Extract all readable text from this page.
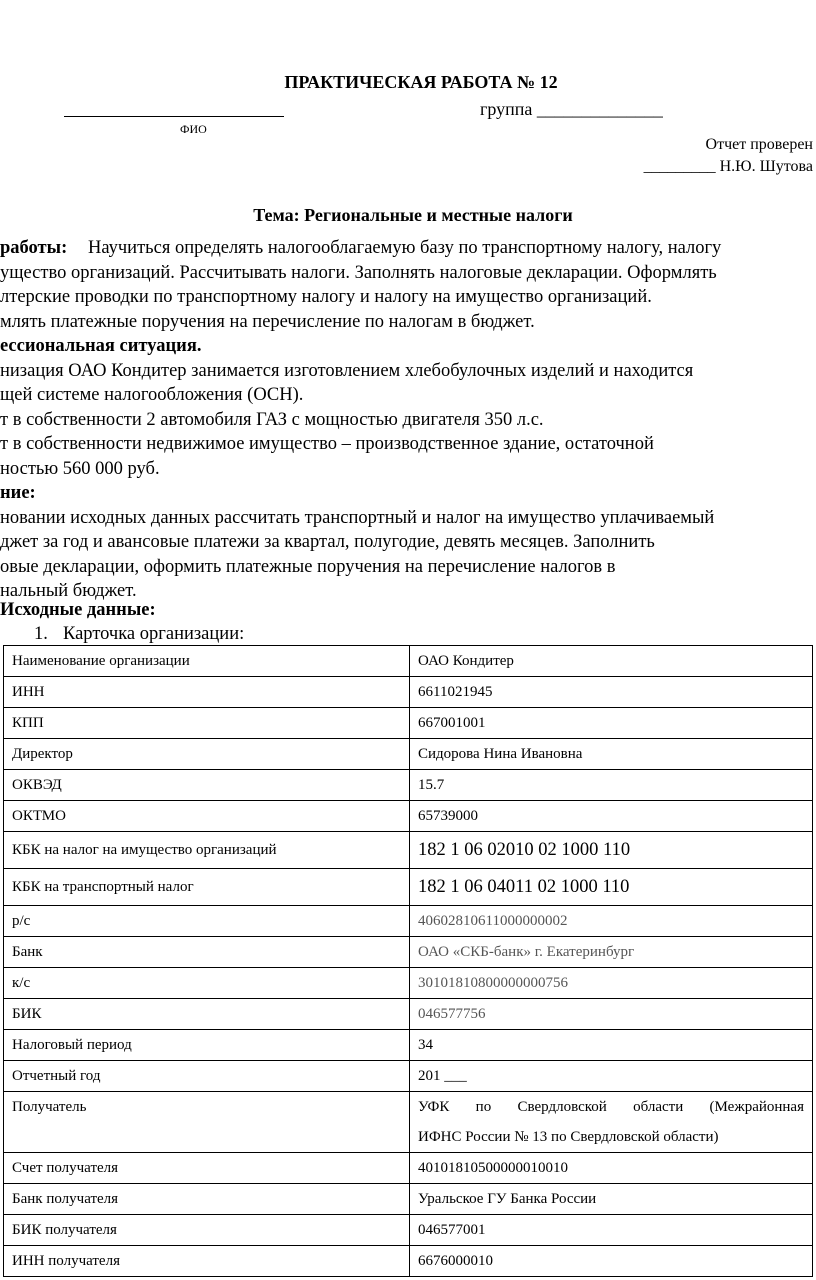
ПРАКТИЧЕСКАЯ РАБОТА № 12
ФИО
группа ______________
Отчет проверен
_________ Н.Ю. Шутова
Тема: Региональные и местные налоги
работы:
ущество организаций. Рассчитывать налоги. Заполнять налоговые декларации. Оформлять
лтерские проводки по транспортному налогу и налогу на имущество организаций.
млять платежные поручения на перечисление по налогам в бюджет.
Научиться определять налогооблагаемую базу по транспортному налогу, налогу
ессиональная ситуация.
низация ОАО Кондитер занимается изготовлением хлебобулочных изделий и находится
щей системе налогообложения (ОСН).
т в собственности 2 автомобиля ГАЗ с мощностью двигателя 350 л.с.
т в собственности недвижимое имущество – производственное здание, остаточной
ностью 560 000 руб.
ние:
новании исходных данных рассчитать транспортный и налог на имущество уплачиваемый
джет за год и авансовые платежи за квартал, полугодие, девять месяцев. Заполнить
овые декларации, оформить платежные поручения на перечисление налогов в
нальный бюджет.
Исходные данные:
1. Карточка организации:
Наименование организации	ОАО Кондитер
ИНН	6611021945
КПП	667001001
Директор	Сидорова Нина Ивановна
ОКВЭД	15.7
ОКТМО	65739000
КБК на налог на имущество организаций	182 1 06 02010 02 1000 110
КБК на транспортный налог	182 1 06 04011 02 1000 110
р/с	40602810611000000002
Банк	ОАО «СКБ-банк» г. Екатеринбург
к/с	30101810800000000756
БИК	046577756
Налоговый период	34
Отчетный год	201 ___
Получатель	УФК по Свердловской области (Межрайонная
ИФНС России № 13 по Свердловской области)

Счет получателя	40101810500000010010
Банк получателя	Уральское ГУ Банка России
БИК получателя	046577001
ИНН получателя	6676000010
